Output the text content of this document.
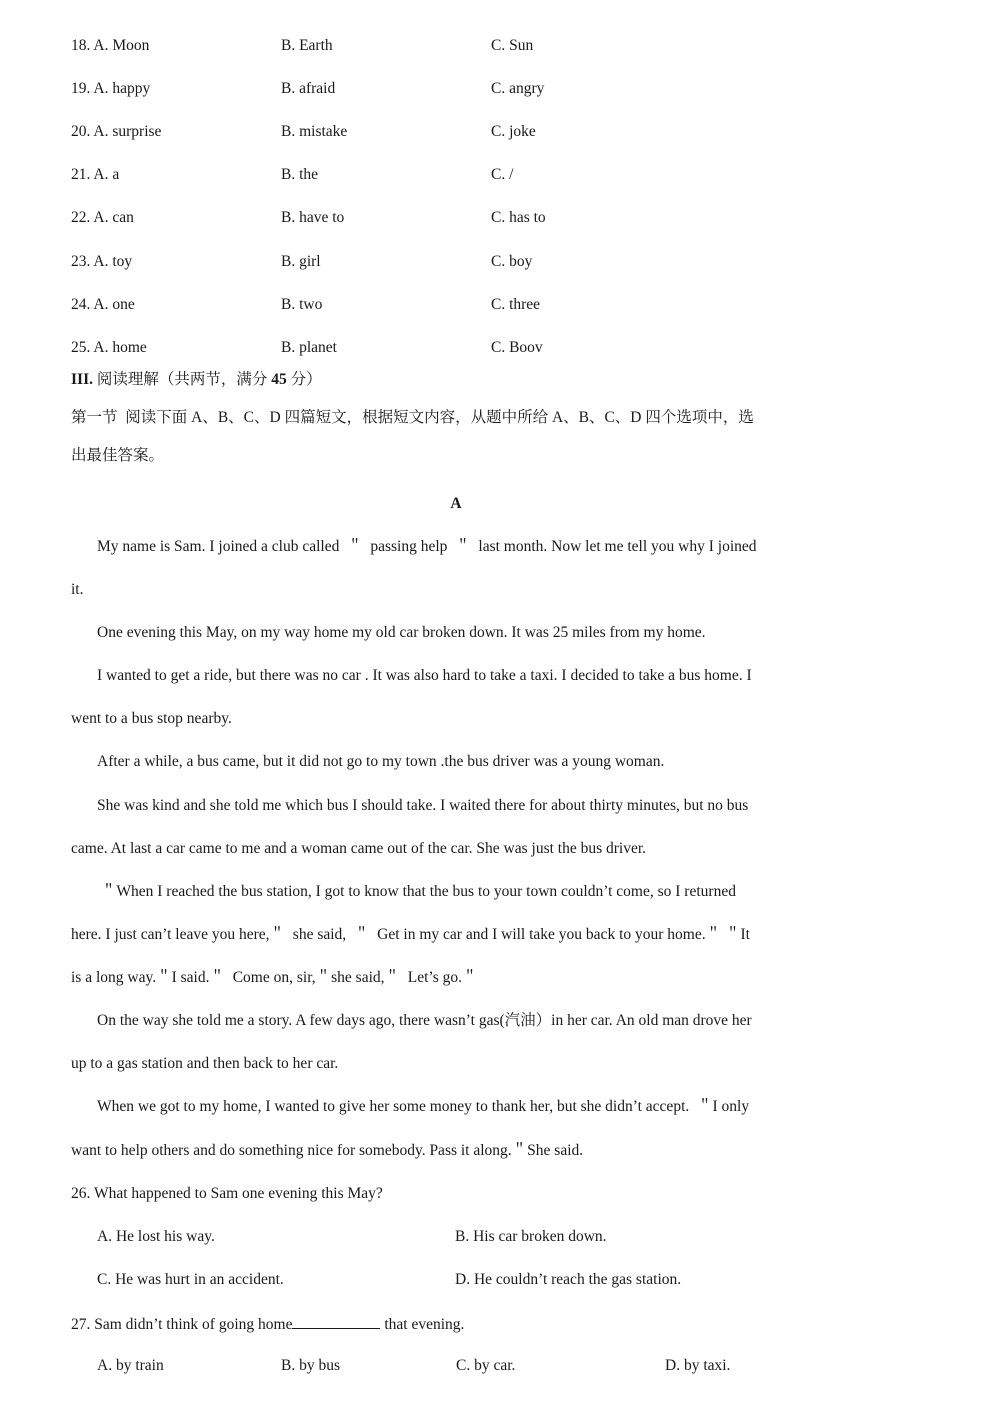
18. A. Moon	B. Earth	C. Sun
19. A. happy	B. afraid	C. angry
20. A. surprise	B. mistake	C. joke
21. A. a	B. the	C. /
22. A. can	B. have to	C. has to
23. A. toy	B. girl	C. boy
24. A. one	B. two	C. three
25. A. home	B. planet	C. Boov
III. 阅读理解（共两节，满分 45 分）
第一节  阅读下面 A、B、C、D 四篇短文，根据短文内容，从题中所给 A、B、C、D 四个选项中，选
出最佳答案。
A
My name is Sam. I joined a club called  ＂  passing help  ＂  last month. Now let me tell you why I joined
it.
One evening this May, on my way home my old car broken down. It was 25 miles from my home.
I wanted to get a ride, but there was no car . It was also hard to take a taxi. I decided to take a bus home. I
went to a bus stop nearby.
After a while, a bus came, but it did not go to my town .the bus driver was a young woman.
She was kind and she told me which bus I should take. I waited there for about thirty minutes, but no bus
came. At last a car came to me and a woman came out of the car. She was just the bus driver.
＂When I reached the bus station, I got to know that the bus to your town couldn’t come, so I returned
here. I just can’t leave you here,＂  she said,  ＂  Get in my car and I will take you back to your home.＂ ＂It
is a long way.＂I said.＂  Come on, sir,＂she said,＂  Let’s go.＂
On the way she told me a story. A few days ago, there wasn’t gas(汽油）in her car. An old man drove her
up to a gas station and then back to her car.
When we got to my home, I wanted to give her some money to thank her, but she didn’t accept.  ＂I only
want to help others and do something nice for somebody. Pass it along.＂She said.
26. What happened to Sam one evening this May?
A. He lost his way.	B. His car broken down.
C. He was hurt in an accident.	D. He couldn’t reach the gas station.
27. Sam didn’t think of going home	that evening.
A. by train	B. by bus	C. by car.	D. by taxi.
